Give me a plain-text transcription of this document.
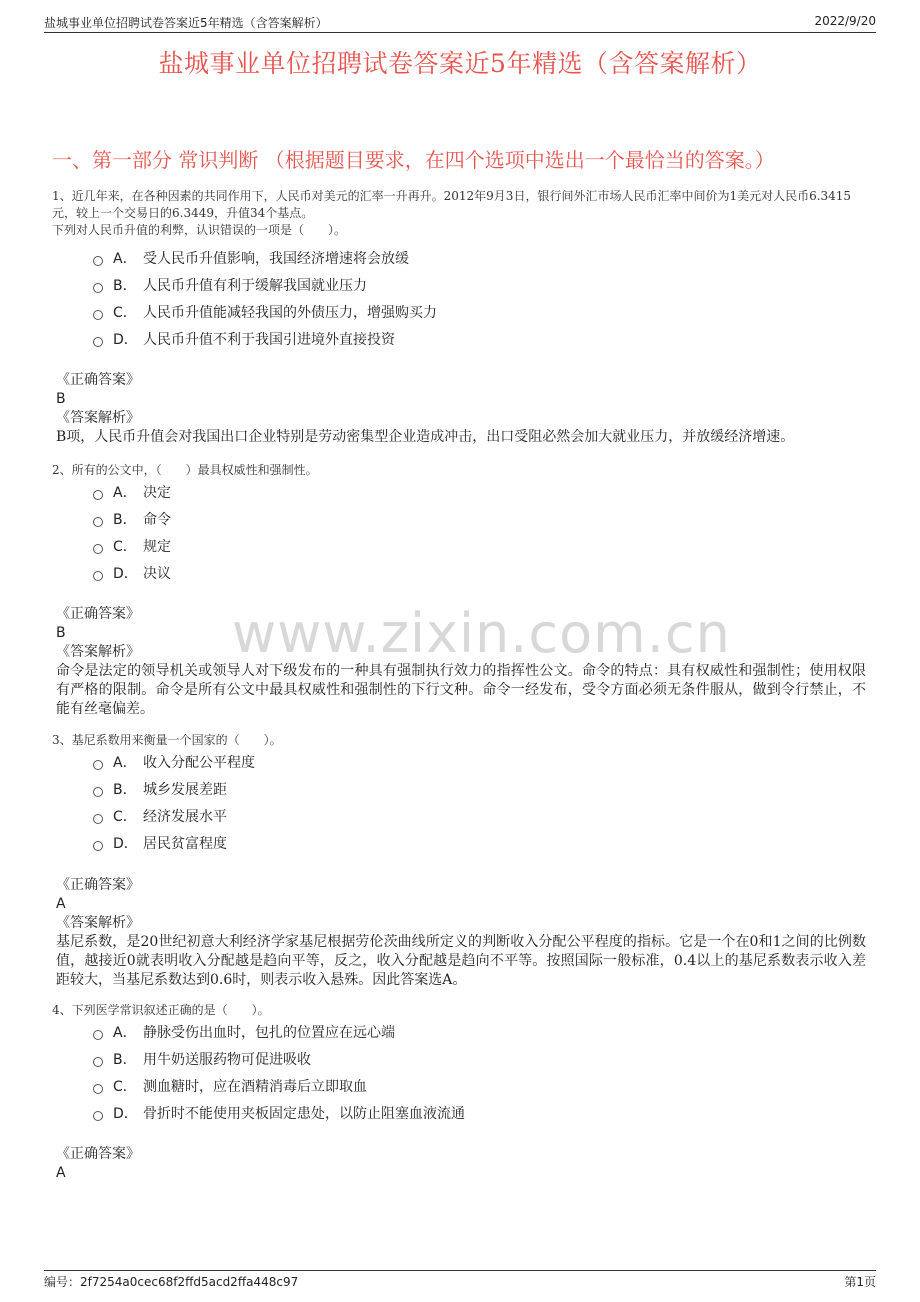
盐城事业单位招聘试卷答案近5年精选（含答案解析）	2022/9/20
盐城事业单位招聘试卷答案近5年精选（含答案解析）
一、第一部分 常识判断 （根据题目要求，在四个选项中选出一个最恰当的答案。）

1、近几年来，在各种因素的共同作用下，人民币对美元的汇率一升再升。2012年9月3日，银行间外汇市场人民币汇率中间价为1美元对人民币6.3415元，较上一个交易日的6.3449，升值34个基点。

下列对人民币升值的利弊，认识错误的一项是（　　）。

A． 受人民币升值影响，我国经济增速将会放缓
B． 人民币升值有利于缓解我国就业压力
C． 人民币升值能减轻我国的外债压力，增强购买力
D． 人民币升值不利于我国引进境外直接投资
《正确答案》
B
《答案解析》
B项，人民币升值会对我国出口企业特别是劳动密集型企业造成冲击，出口受阻必然会加大就业压力，并放缓经济增速。

2、所有的公文中，（　　）最具权威性和强制性。

A． 决定
B． 命令
C． 规定
D． 决议
《正确答案》
B
《答案解析》
命令是法定的领导机关或领导人对下级发布的一种具有强制执行效力的指挥性公文。命令的特点：具有权威性和强制性；使用权限有严格的限制。命令是所有公文中最具权威性和强制性的下行文种。命令一经发布，受令方面必须无条件服从，做到令行禁止，不能有丝毫偏差。

3、基尼系数用来衡量一个国家的（　　）。

A． 收入分配公平程度
B． 城乡发展差距
C． 经济发展水平
D． 居民贫富程度
《正确答案》
A
《答案解析》
基尼系数，是20世纪初意大利经济学家基尼根据劳伦茨曲线所定义的判断收入分配公平程度的指标。它是一个在0和1之间的比例数值，越接近0就表明收入分配越是趋向平等，反之，收入分配越是趋向不平等。按照国际一般标准，0.4以上的基尼系数表示收入差距较大，当基尼系数达到0.6时，则表示收入悬殊。因此答案选A。

4、下列医学常识叙述正确的是（　　）。

A． 静脉受伤出血时，包扎的位置应在远心端
B． 用牛奶送服药物可促进吸收
C． 测血糖时，应在酒精消毒后立即取血
D． 骨折时不能使用夹板固定患处，以防止阻塞血液流通
《正确答案》
A
www.zixin.com.cn
编号：2f7254a0cec68f2ffd5acd2ffa448c97	第1页
